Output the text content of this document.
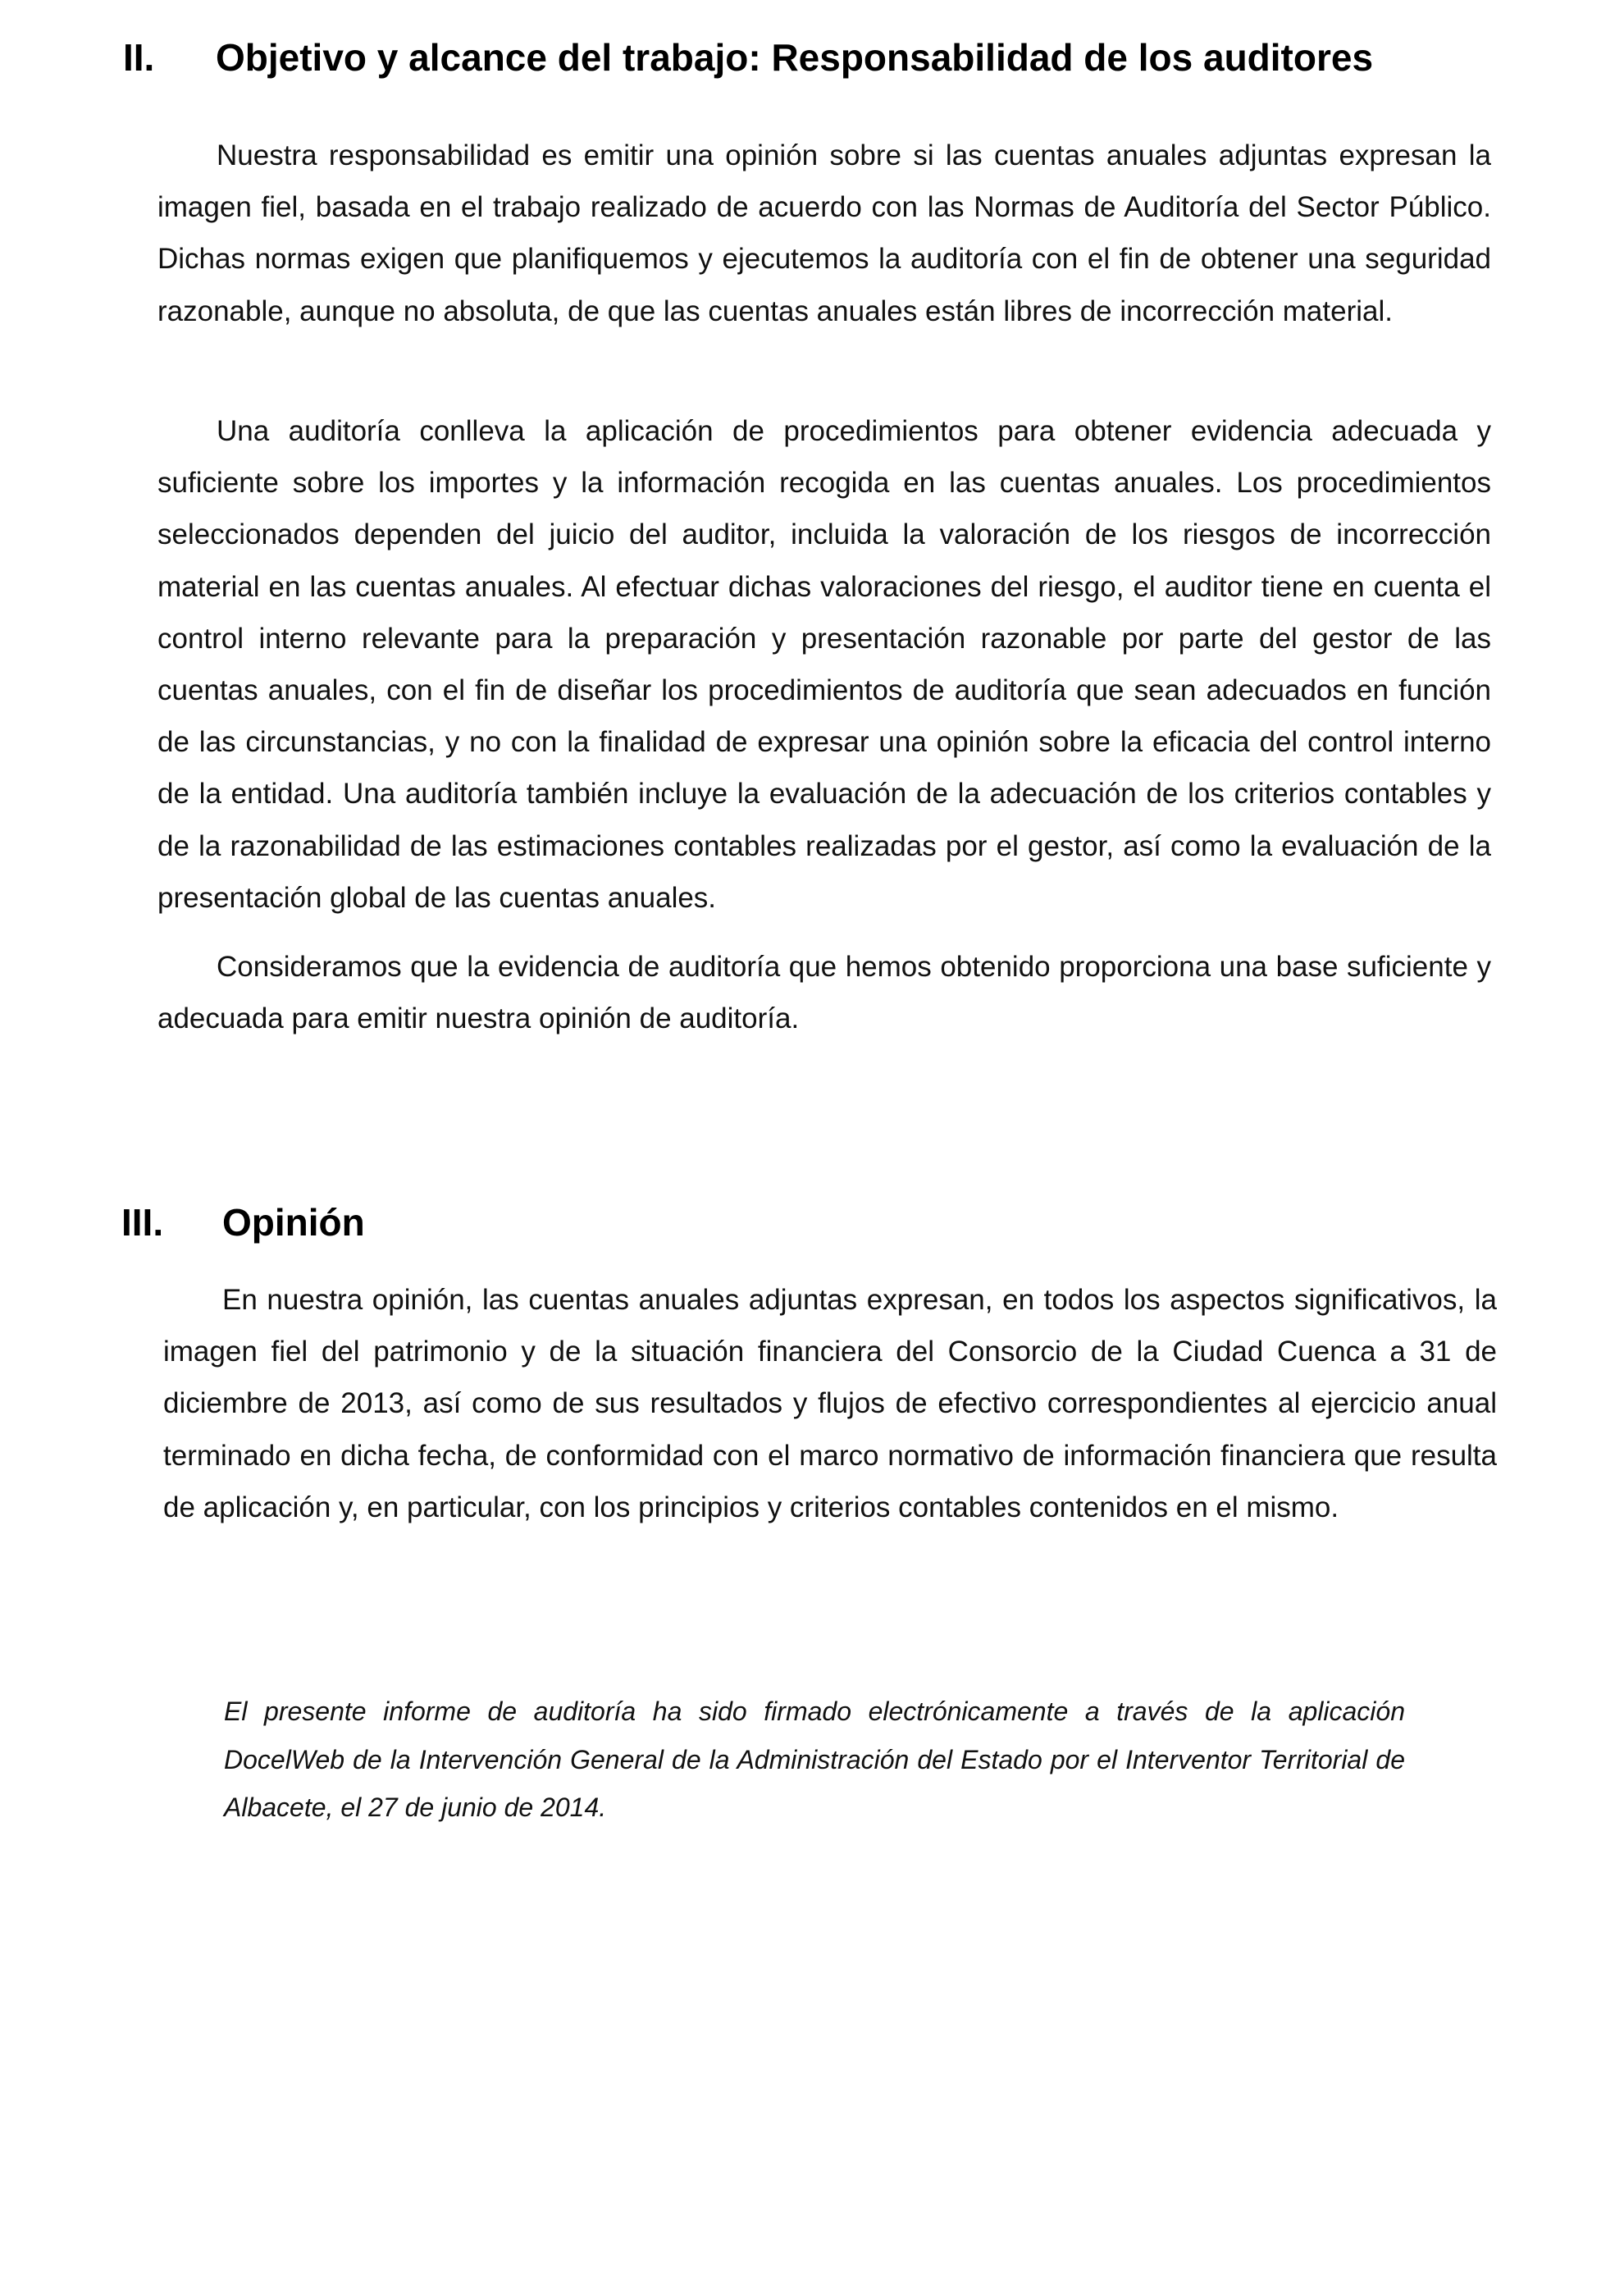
II. Objetivo y alcance del trabajo: Responsabilidad de los auditores

Nuestra responsabilidad es emitir una opinión sobre si las cuentas anuales adjuntas expresan la imagen fiel, basada en el trabajo realizado de acuerdo con las Normas de Auditoría del Sector Público. Dichas normas exigen que planifiquemos y ejecutemos la auditoría con el fin de obtener una seguridad razonable, aunque no absoluta, de que las cuentas anuales están libres de incorrección material.

Una auditoría conlleva la aplicación de procedimientos para obtener evidencia adecuada y suficiente sobre los importes y la información recogida en las cuentas anuales. Los procedimientos seleccionados dependen del juicio del auditor, incluida la valoración de los riesgos de incorrección material en las cuentas anuales. Al efectuar dichas valoraciones del riesgo, el auditor tiene en cuenta el control interno relevante para la preparación y presentación razonable por parte del gestor de las cuentas anuales, con el fin de diseñar los procedimientos de auditoría que sean adecuados en función de las circunstancias, y no con la finalidad de expresar una opinión sobre la eficacia del control interno de la entidad. Una auditoría también incluye la evaluación de la adecuación de los criterios contables y de la razonabilidad de las estimaciones contables realizadas por el gestor, así como la evaluación de la presentación global de las cuentas anuales.

Consideramos que la evidencia de auditoría que hemos obtenido proporciona una base suficiente y adecuada para emitir nuestra opinión de auditoría.

III. Opinión

En nuestra opinión, las cuentas anuales adjuntas expresan, en todos los aspectos significativos, la imagen fiel del patrimonio y de la situación financiera del Consorcio de la Ciudad Cuenca a 31 de diciembre de 2013, así como de sus resultados y flujos de efectivo correspondientes al ejercicio anual terminado en dicha fecha, de conformidad con el marco normativo de información financiera que resulta de aplicación y, en particular, con los principios y criterios contables contenidos en el mismo.

El presente informe de auditoría ha sido firmado electrónicamente a través de la aplicación DocelWeb de la Intervención General de la Administración del Estado por el Interventor Territorial de Albacete, el 27 de junio de 2014.
